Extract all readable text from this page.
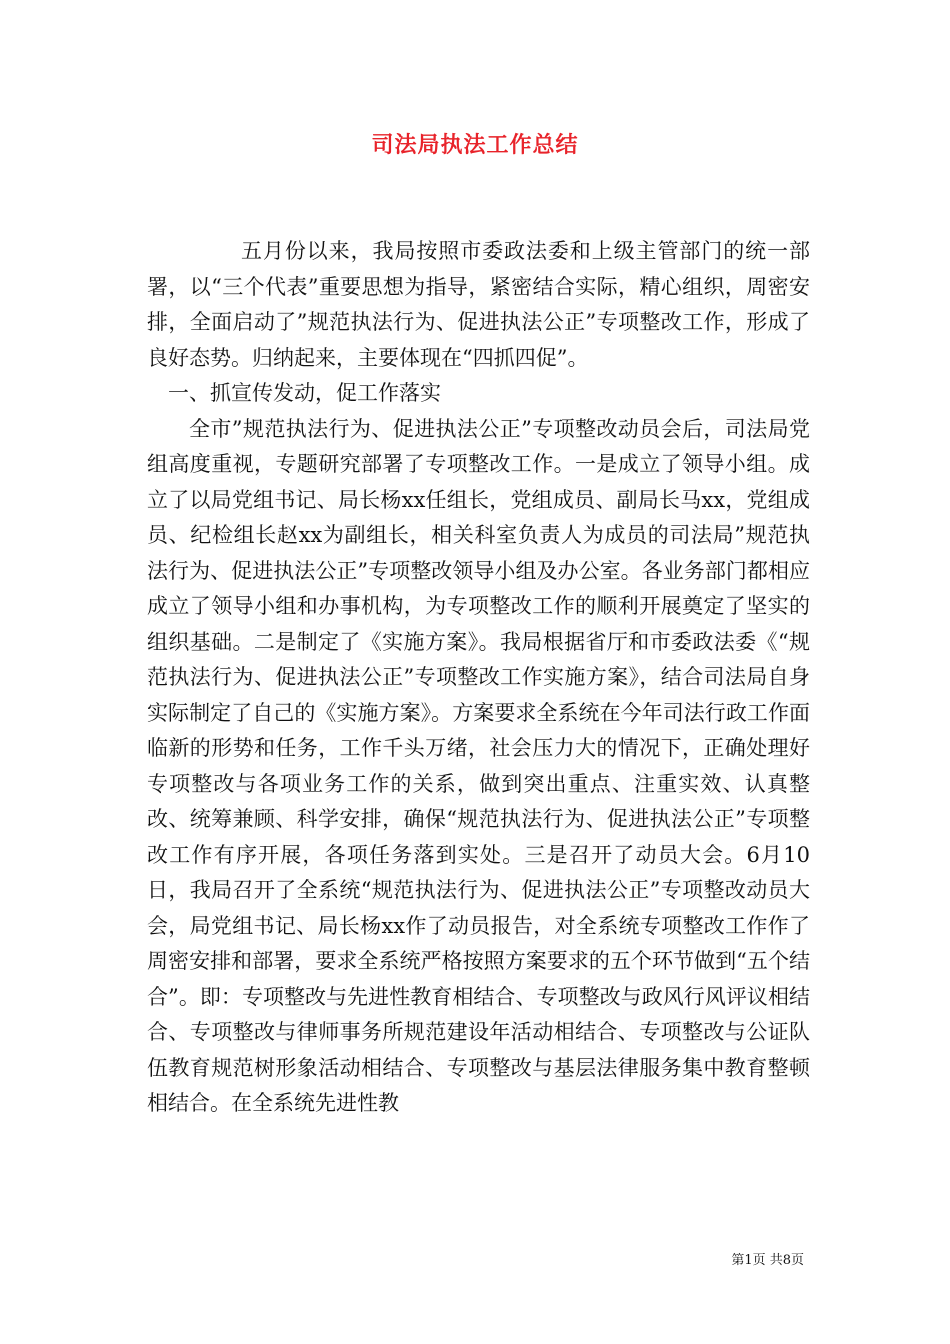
司法局执法工作总结

五月份以来，我局按照市委政法委和上级主管部门的统一部署，以“三个代表”重要思想为指导，紧密结合实际，精心组织，周密安排，全面启动了”规范执法行为、促进执法公正”专项整改工作，形成了良好态势。归纳起来，主要体现在“四抓四促”。

一、抓宣传发动，促工作落实

全市”规范执法行为、促进执法公正”专项整改动员会后，司法局党组高度重视，专题研究部署了专项整改工作。一是成立了领导小组。成立了以局党组书记、局长杨xx任组长，党组成员、副局长马xx，党组成员、纪检组长赵xx为副组长，相关科室负责人为成员的司法局”规范执法行为、促进执法公正”专项整改领导小组及办公室。各业务部门都相应成立了领导小组和办事机构，为专项整改工作的顺利开展奠定了坚实的组织基础。二是制定了《实施方案》。我局根据省厅和市委政法委《“规范执法行为、促进执法公正”专项整改工作实施方案》，结合司法局自身实际制定了自己的《实施方案》。方案要求全系统在今年司法行政工作面临新的形势和任务，工作千头万绪，社会压力大的情况下，正确处理好专项整改与各项业务工作的关系，做到突出重点、注重实效、认真整改、统筹兼顾、科学安排，确保“规范执法行为、促进执法公正”专项整改工作有序开展，各项任务落到实处。三是召开了动员大会。6月10日，我局召开了全系统“规范执法行为、促进执法公正”专项整改动员大会，局党组书记、局长杨xx作了动员报告，对全系统专项整改工作作了周密安排和部署，要求全系统严格按照方案要求的五个环节做到“五个结合”。即：专项整改与先进性教育相结合、专项整改与政风行风评议相结合、专项整改与律师事务所规范建设年活动相结合、专项整改与公证队伍教育规范树形象活动相结合、专项整改与基层法律服务集中教育整顿相结合。在全系统先进性教

第1页 共8页
